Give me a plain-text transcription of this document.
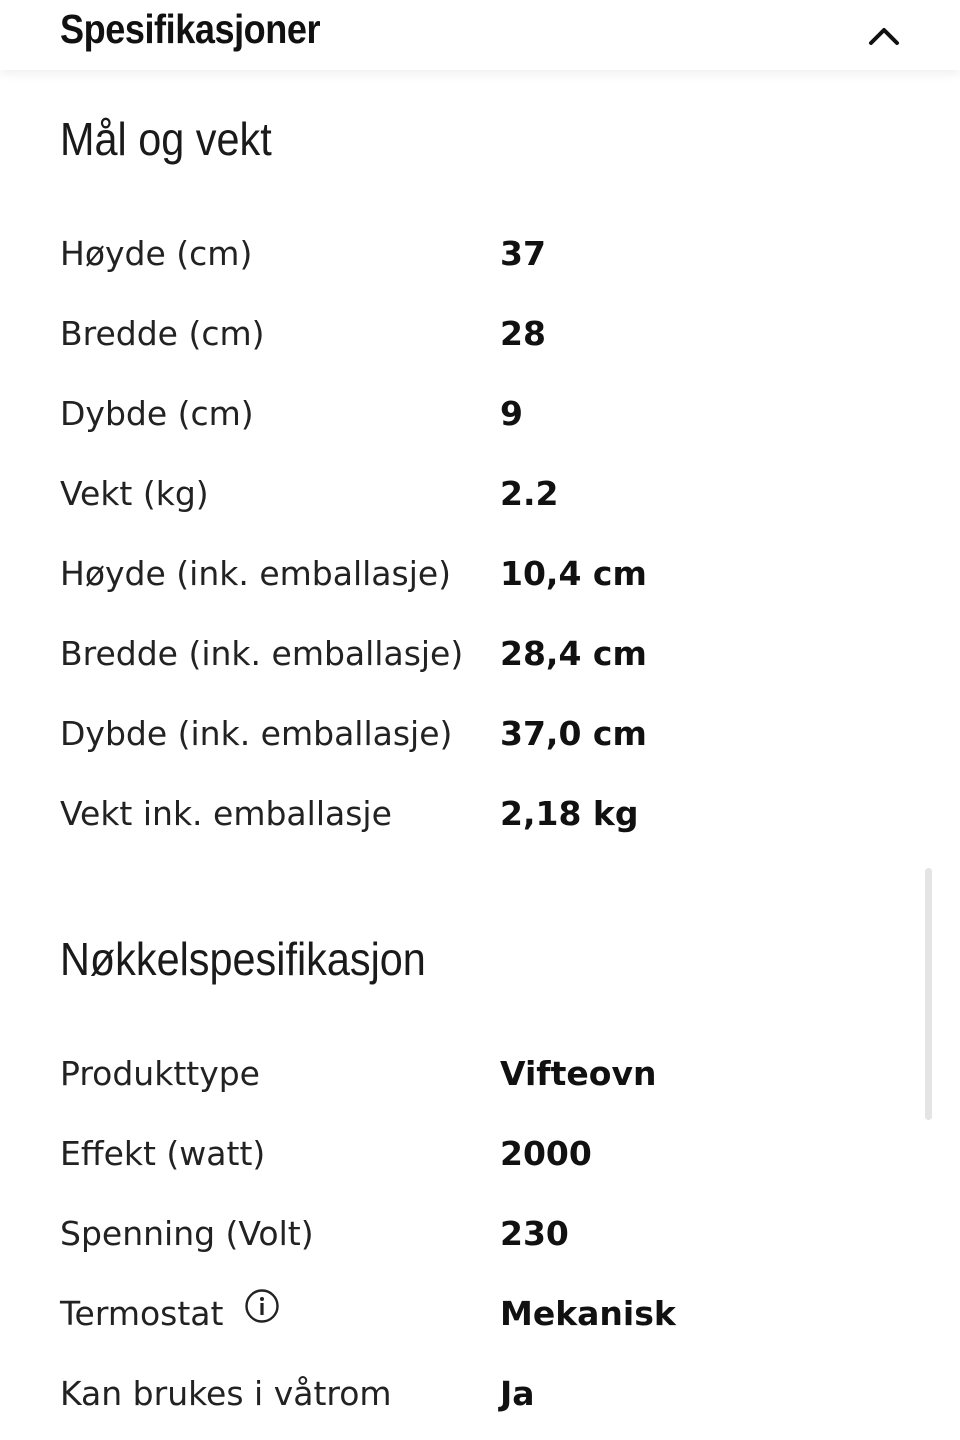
Spesifikasjoner
Mål og vekt
Høyde (cm)	37
Bredde (cm)	28
Dybde (cm)	9
Vekt (kg)	2.2
Høyde (ink. emballasje) 10,4 cm
Bredde (ink. emballasje) 28,4 cm
Dybde (ink. emballasje) 37,0 cm
Vekt ink. emballasje	2,18 kg
Nøkkelspesifikasjon
Produkttype	Vifteovn
Effekt (watt)	2000
Spenning (Volt)	230
Termostat	Mekanisk
Kan brukes i våtrom	Ja
